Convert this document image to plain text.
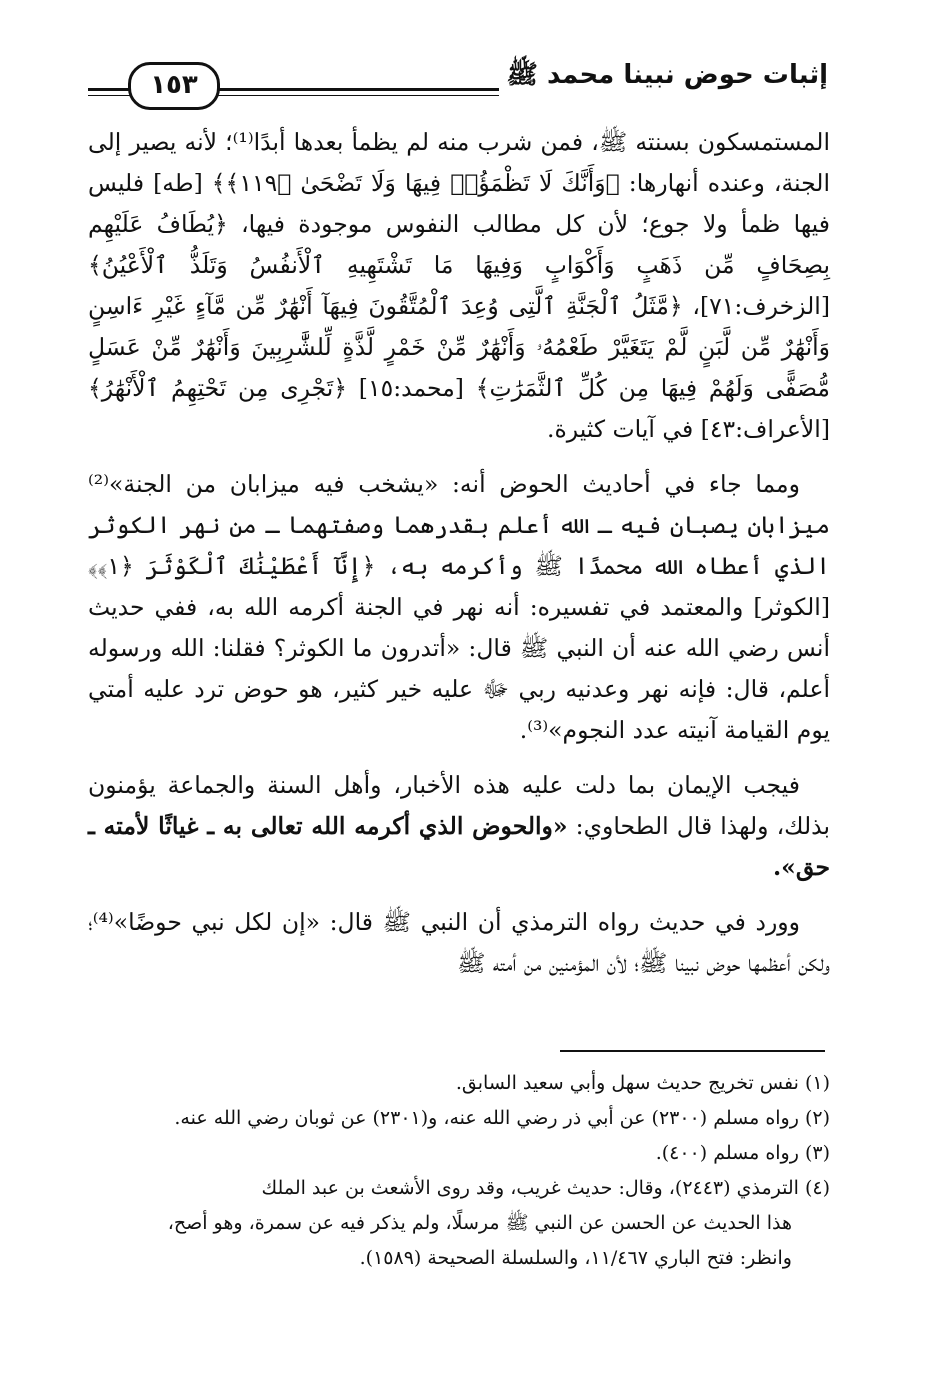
إثبات حوض نبينا محمد ﷺ
١٥٣

المستمسكون بسنته ﷺ، فمن شرب منه لم يظمأ بعدها أبدًا⁽¹⁾؛ لأنه يصير إلى الجنة، وعنده أنهارها: ﴿وَأَنَّكَ لَا تَظْمَؤُا۟ فِيهَا وَلَا تَضْحَىٰ ﴿١١٩﴾﴾ [طه] فليس فيها ظمأ ولا جوع؛ لأن كل مطالب النفوس موجودة فيها، ﴿يُطَافُ عَلَيْهِم بِصِحَافٍ مِّن ذَهَبٍ وَأَكْوَابٍ وَفِيهَا مَا تَشْتَهِيهِ ٱلْأَنفُسُ وَتَلَذُّ ٱلْأَعْيُنُ﴾ [الزخرف:٧١]، ﴿مَّثَلُ ٱلْجَنَّةِ ٱلَّتِى وُعِدَ ٱلْمُتَّقُونَ فِيهَآ أَنْهَٰرٌ مِّن مَّآءٍ غَيْرِ ءَاسِنٍ وَأَنْهَٰرٌ مِّن لَّبَنٍ لَّمْ يَتَغَيَّرْ طَعْمُهُۥ وَأَنْهَٰرٌ مِّنْ خَمْرٍ لَّذَّةٍ لِّلشَّٰرِبِينَ وَأَنْهَٰرٌ مِّنْ عَسَلٍ مُّصَفًّى وَلَهُمْ فِيهَا مِن كُلِّ ٱلثَّمَرَٰتِ﴾ [محمد:١٥] ﴿تَجْرِى مِن تَحْتِهِمُ ٱلْأَنْهَٰرُ﴾ [الأعراف:٤٣] في آيات كثيرة.

ومما جاء في أحاديث الحوض أنه: «يشخب فيه ميزابان من الجنة»⁽²⁾ ميزابان يصبان فيه ـ الله أعلم بقدرهما وصفتهما ـ من نهر الكوثر الذي أعطاه الله محمدًا ﷺ وأكرمه به، ﴿إِنَّآ أَعْطَيْنَٰكَ ٱلْكَوْثَرَ ﴿١﴾﴾ [الكوثر] والمعتمد في تفسيره: أنه نهر في الجنة أكرمه الله به، ففي حديث أنس رضي الله عنه أن النبي ﷺ قال: «أتدرون ما الكوثر؟ فقلنا: الله ورسوله أعلم، قال: فإنه نهر وعدنيه ربي ﷻ عليه خير كثير، هو حوض ترد عليه أمتي يوم القيامة آنيته عدد النجوم»⁽³⁾.

فيجب الإيمان بما دلت عليه هذه الأخبار، وأهل السنة والجماعة يؤمنون بذلك، ولهذا قال الطحاوي: «والحوض الذي أكرمه الله تعالى به ـ غياثًا لأمته ـ حق».

وورد في حديث رواه الترمذي أن النبي ﷺ قال: «إن لكل نبي حوضًا»⁽⁴⁾؛ ولكن أعظمها حوض نبينا ﷺ؛ لأن المؤمنين من أمته ﷺ

(١) نفس تخريج حديث سهل وأبي سعيد السابق.

(٢) رواه مسلم (٢٣٠٠) عن أبي ذر رضي الله عنه، و(٢٣٠١) عن ثوبان رضي الله عنه.

(٣) رواه مسلم (٤٠٠).

(٤) الترمذي (٢٤٤٣)، وقال: حديث غريب، وقد روى الأشعث بن عبد الملك

هذا الحديث عن الحسن عن النبي ﷺ مرسلًا، ولم يذكر فيه عن سمرة، وهو أصح، وانظر: فتح الباري ١١/٤٦٧، والسلسلة الصحيحة (١٥٨٩).
